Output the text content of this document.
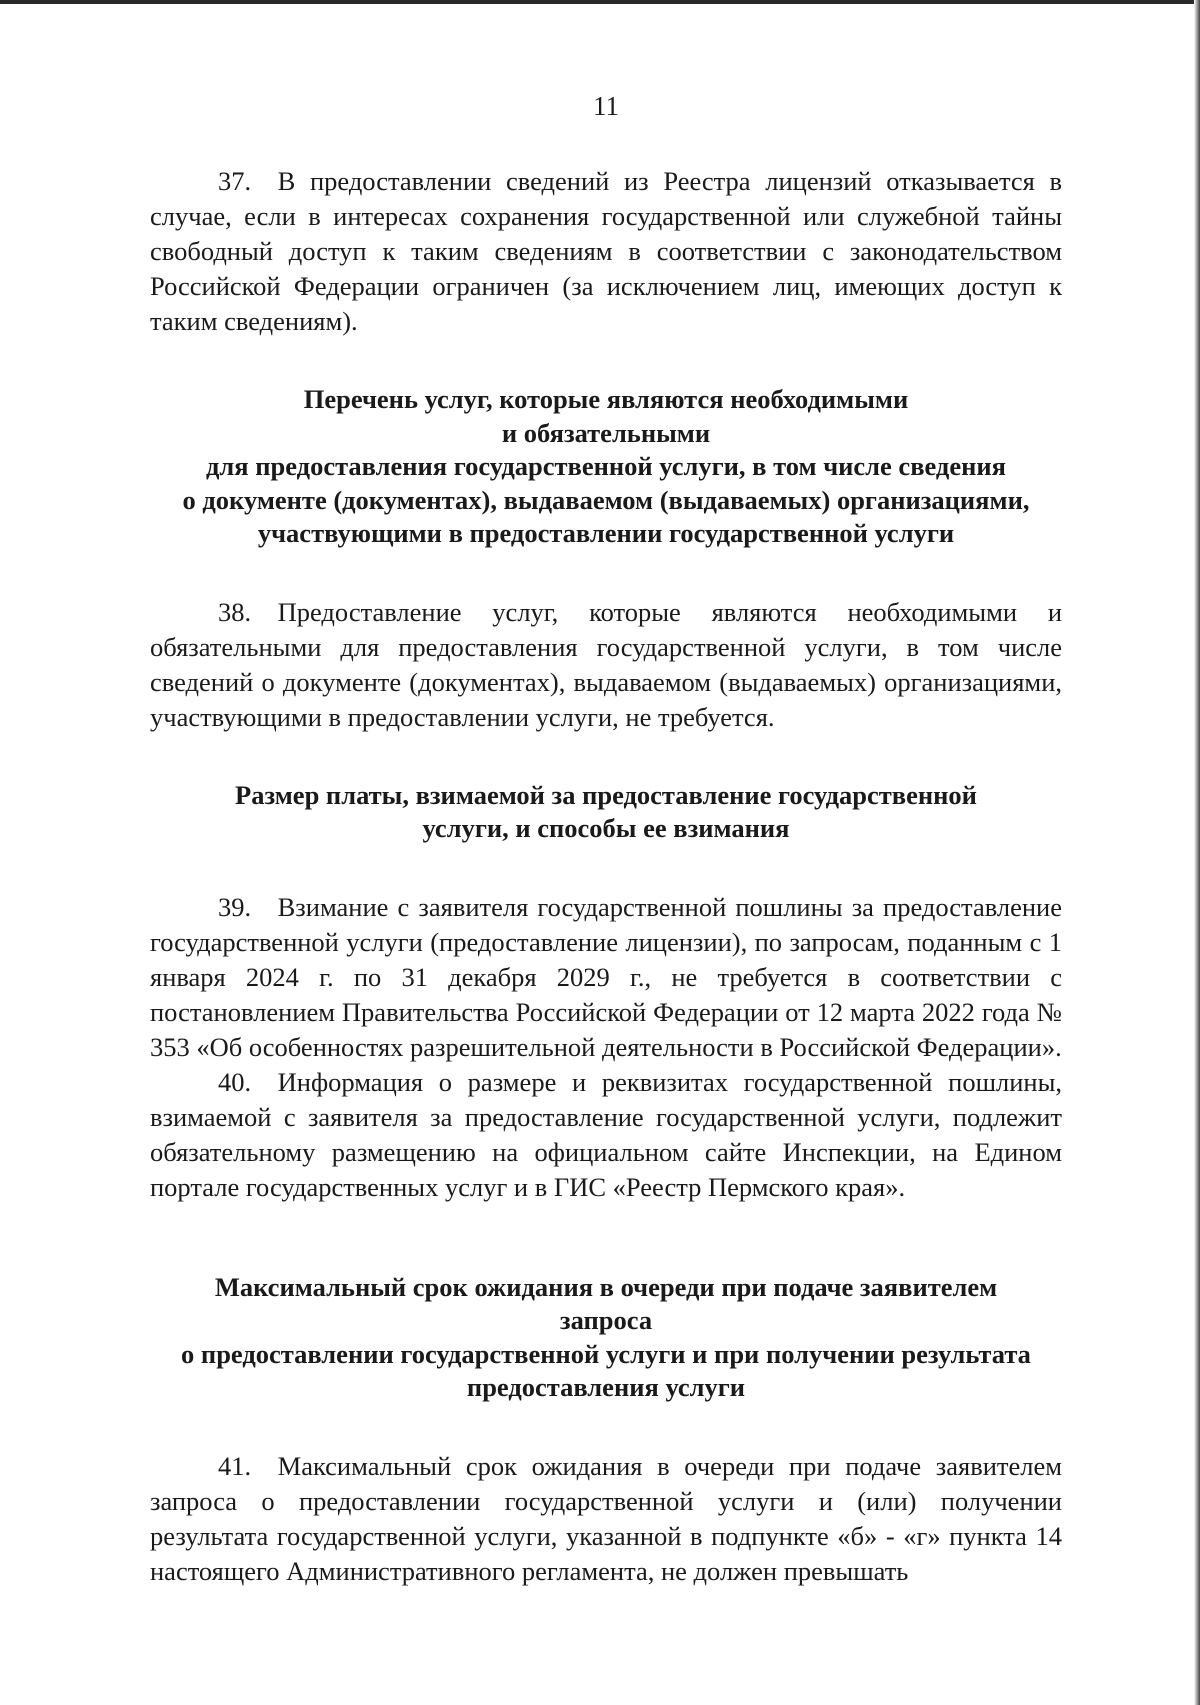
11

37. В предоставлении сведений из Реестра лицензий отказывается в случае, если в интересах сохранения государственной или служебной тайны свободный доступ к таким сведениям в соответствии с законодательством Российской Федерации ограничен (за исключением лиц, имеющих доступ к таким сведениям).

Перечень услуг, которые являются необходимыми
и обязательными
для предоставления государственной услуги, в том числе сведения
о документе (документах), выдаваемом (выдаваемых) организациями,
участвующими в предоставлении государственной услуги

38. Предоставление услуг, которые являются необходимыми и обязательными для предоставления государственной услуги, в том числе сведений о документе (документах), выдаваемом (выдаваемых) организациями, участвующими в предоставлении услуги, не требуется.

Размер платы, взимаемой за предоставление государственной
услуги, и способы ее взимания

39. Взимание с заявителя государственной пошлины за предоставление государственной услуги (предоставление лицензии), по запросам, поданным с 1 января 2024 г. по 31 декабря 2029 г., не требуется в соответствии с постановлением Правительства Российской Федерации от 12 марта 2022 года № 353 «Об особенностях разрешительной деятельности в Российской Федерации».

40. Информация о размере и реквизитах государственной пошлины, взимаемой с заявителя за предоставление государственной услуги, подлежит обязательному размещению на официальном сайте Инспекции, на Едином портале государственных услуг и в ГИС «Реестр Пермского края».

Максимальный срок ожидания в очереди при подаче заявителем
запроса
о предоставлении государственной услуги и при получении результата
предоставления услуги

41. Максимальный срок ожидания в очереди при подаче заявителем запроса о предоставлении государственной услуги и (или) получении результата государственной услуги, указанной в подпункте «б» - «г» пункта 14 настоящего Административного регламента, не должен превышать
